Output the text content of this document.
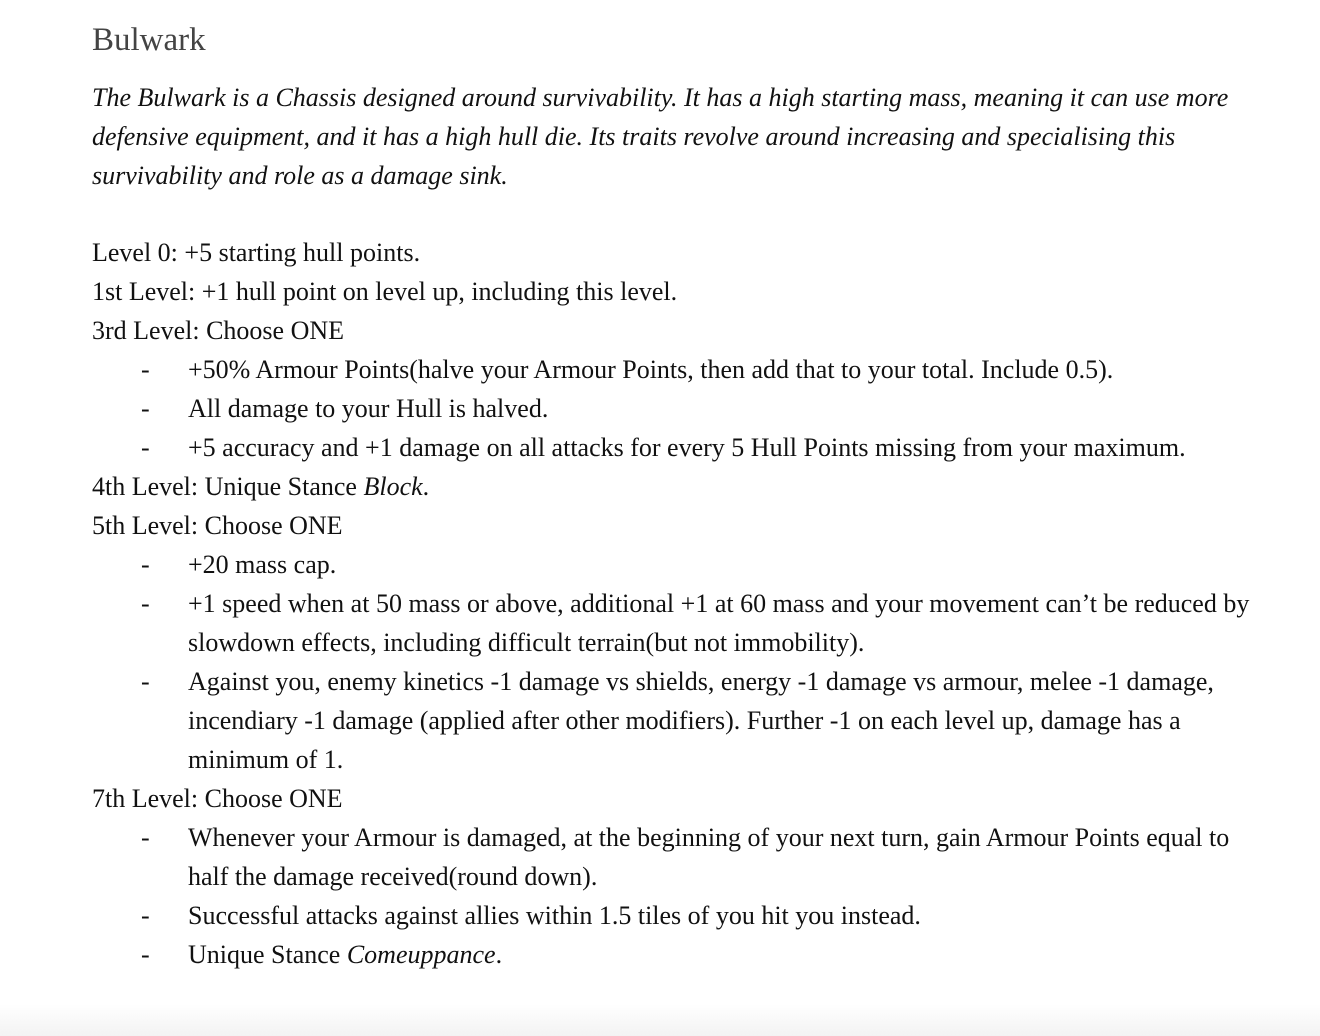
Bulwark

The Bulwark is a Chassis designed around survivability. It has a high starting mass, meaning it can use more defensive equipment, and it has a high hull die. Its traits revolve around increasing and specialising this survivability and role as a damage sink.

Level 0: +5 starting hull points.

1st Level: +1 hull point on level up, including this level.

3rd Level: Choose ONE

- +50% Armour Points(halve your Armour Points, then add that to your total. Include 0.5).
- All damage to your Hull is halved.
- +5 accuracy and +1 damage on all attacks for every 5 Hull Points missing from your maximum.

4th Level: Unique Stance Block.

5th Level: Choose ONE

- +20 mass cap.
- +1 speed when at 50 mass or above, additional +1 at 60 mass and your movement can’t be reduced by slowdown effects, including difficult terrain(but not immobility).
- Against you, enemy kinetics -1 damage vs shields, energy -1 damage vs armour, melee -1 damage, incendiary -1 damage (applied after other modifiers). Further -1 on each level up, damage has a minimum of 1.

7th Level: Choose ONE

- Whenever your Armour is damaged, at the beginning of your next turn, gain Armour Points equal to half the damage received(round down).
- Successful attacks against allies within 1.5 tiles of you hit you instead.
- Unique Stance Comeuppance.
